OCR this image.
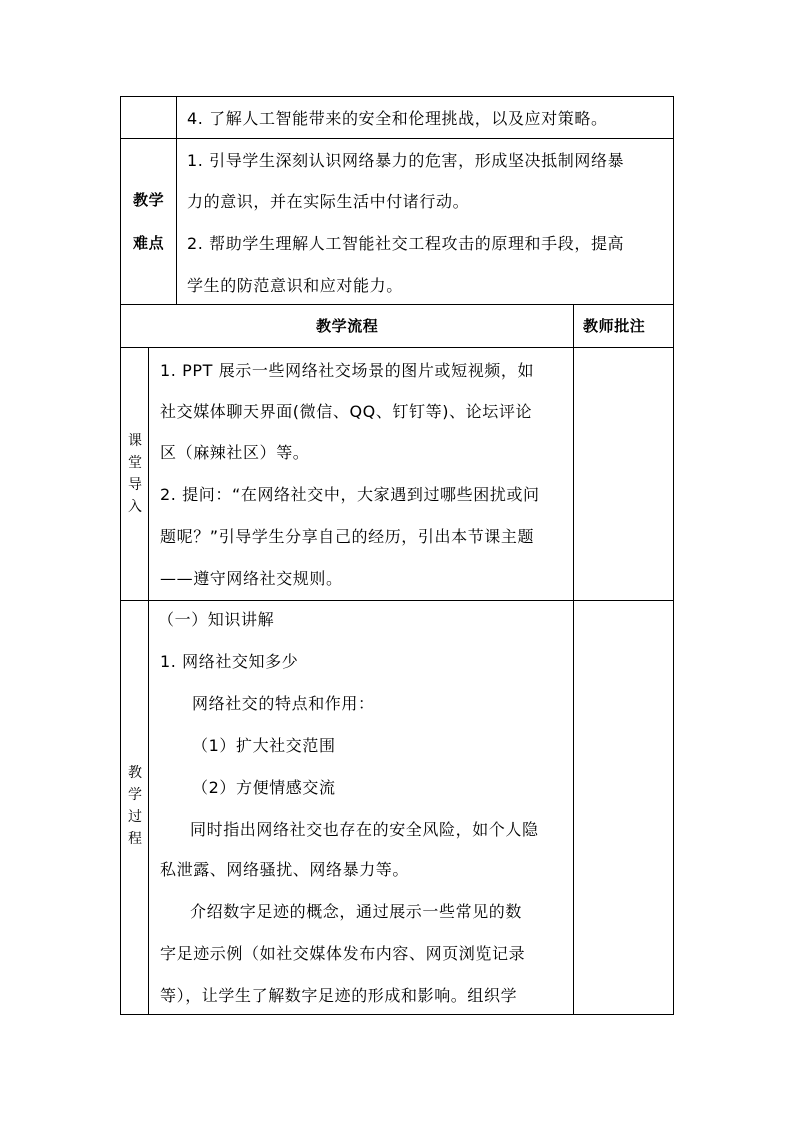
4. 了解人工智能带来的安全和伦理挑战，以及应对策略。
教学
难点
1. 引导学生深刻认识网络暴力的危害，形成坚决抵制网络暴
力的意识，并在实际生活中付诸行动。
2. 帮助学生理解人工智能社交工程攻击的原理和手段，提高
学生的防范意识和应对能力。
教学流程	教师批注
课
堂
导
入
1. PPT 展示一些网络社交场景的图片或短视频，如
社交媒体聊天界面(微信、QQ、钉钉等)、论坛评论
区（麻辣社区）等。
2. 提问：“在网络社交中，大家遇到过哪些困扰或问
题呢？”引导学生分享自己的经历，引出本节课主题
——遵守网络社交规则。
教
学
过
程
（一）知识讲解
1. 网络社交知多少
网络社交的特点和作用：
（1）扩大社交范围
（2）方便情感交流
同时指出网络社交也存在的安全风险，如个人隐
私泄露、网络骚扰、网络暴力等。
介绍数字足迹的概念，通过展示一些常见的数
字足迹示例（如社交媒体发布内容、网页浏览记录
等），让学生了解数字足迹的形成和影响。组织学
